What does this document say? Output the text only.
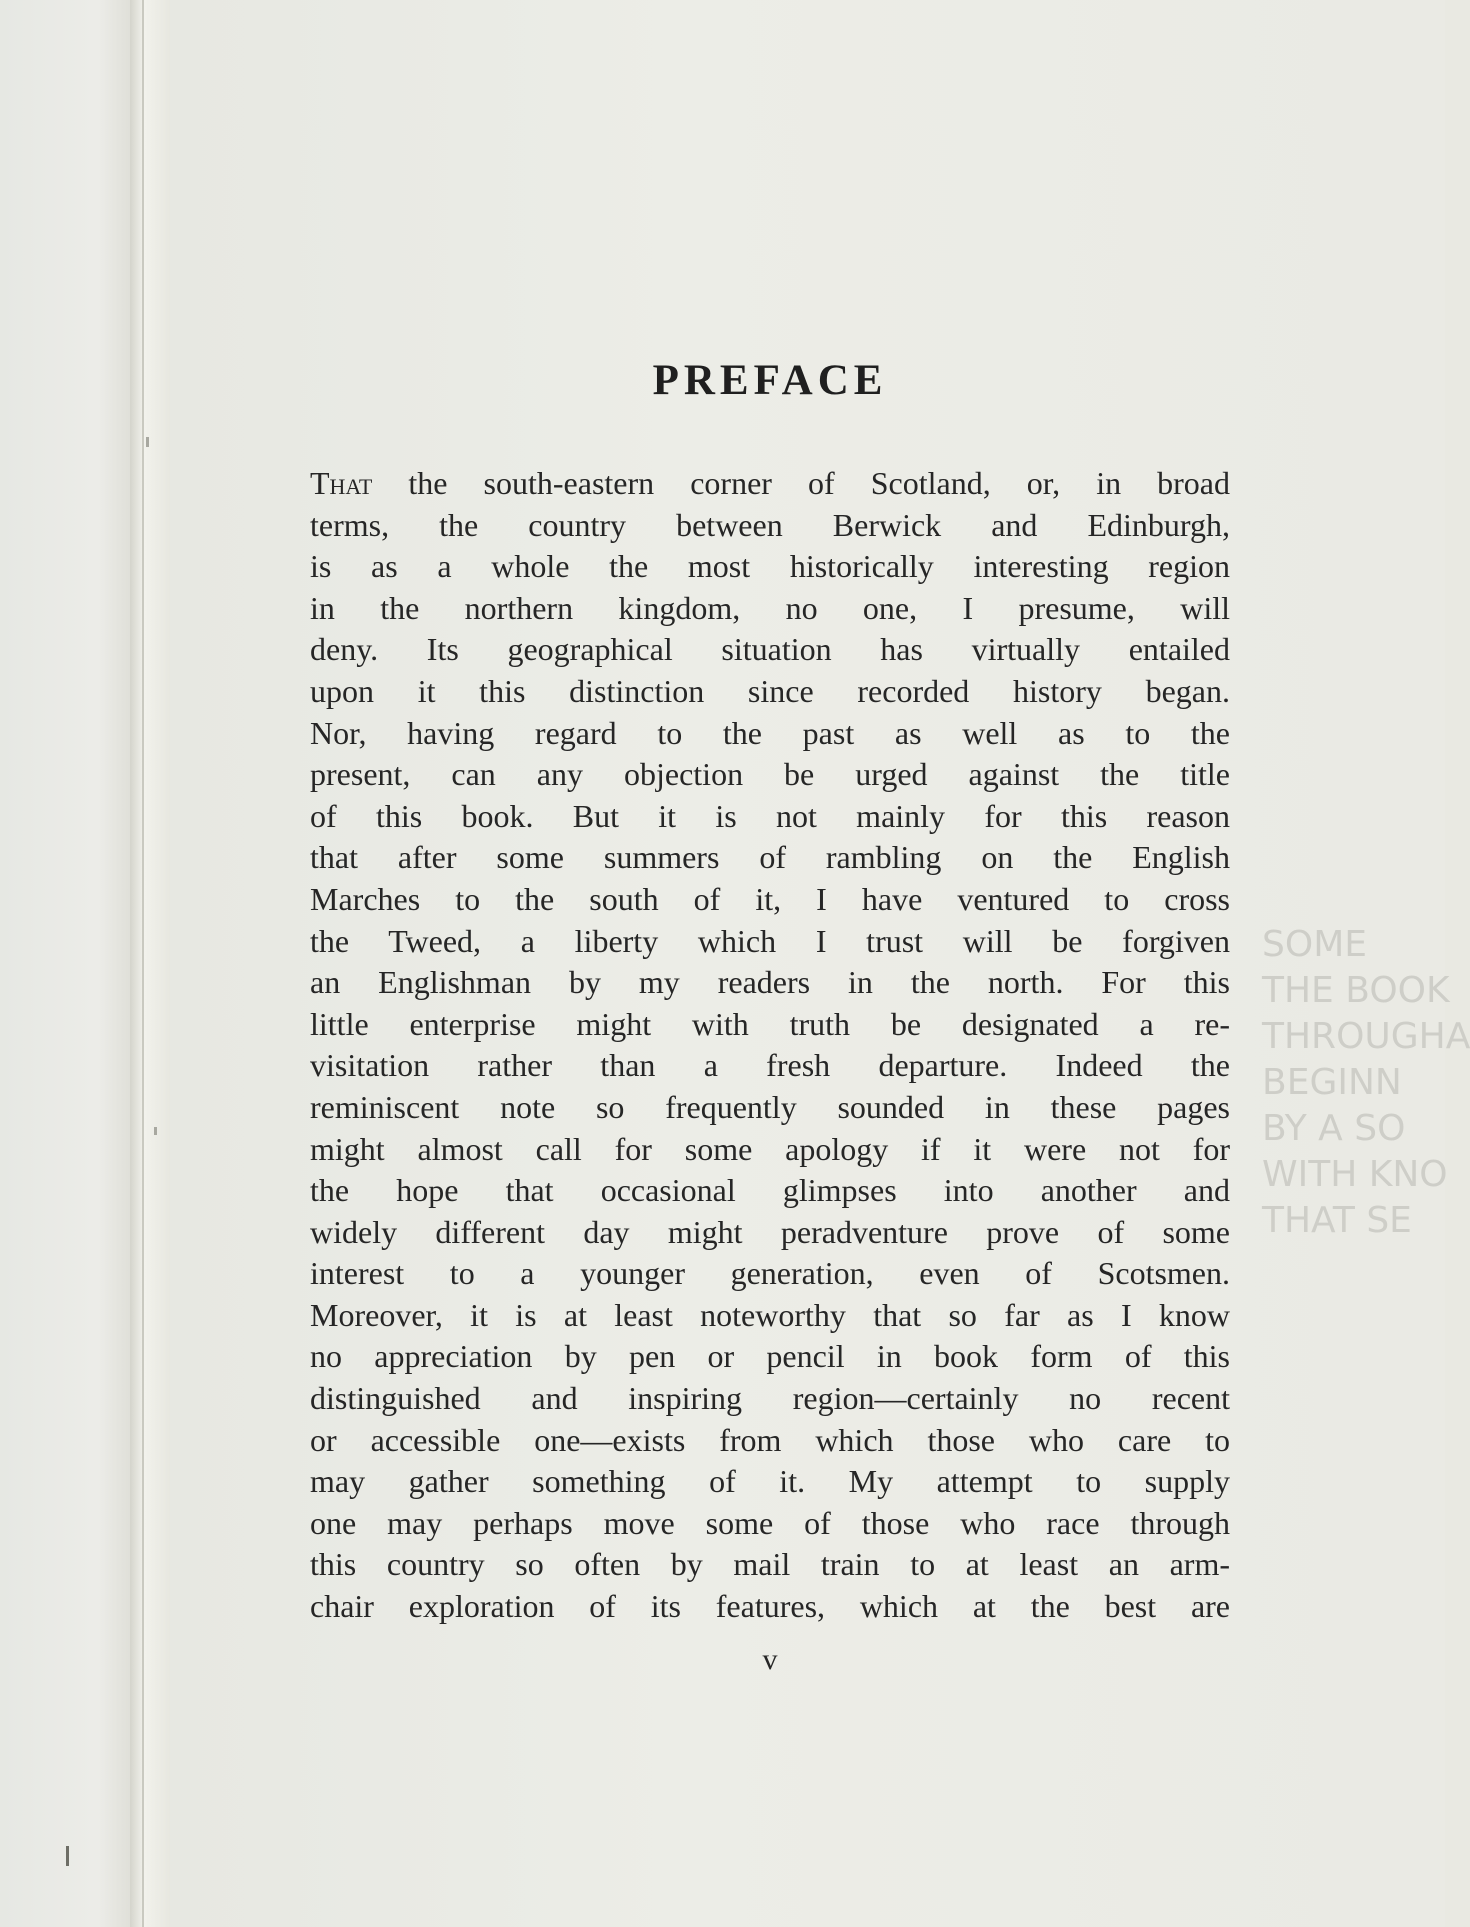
PREFACE
That the south-eastern corner of Scotland, or, in broad
terms, the country between Berwick and Edinburgh,
is as a whole the most historically interesting region
in the northern kingdom, no one, I presume, will
deny. Its geographical situation has virtually entailed
upon it this distinction since recorded history began.
Nor, having regard to the past as well as to the
present, can any objection be urged against the title
of this book. But it is not mainly for this reason
that after some summers of rambling on the English
Marches to the south of it, I have ventured to cross
the Tweed, a liberty which I trust will be forgiven
an Englishman by my readers in the north. For this
little enterprise might with truth be designated a re-
visitation rather than a fresh departure. Indeed the
reminiscent note so frequently sounded in these pages
might almost call for some apology if it were not for
the hope that occasional glimpses into another and
widely different day might peradventure prove of some
interest to a younger generation, even of Scotsmen.
Moreover, it is at least noteworthy that so far as I know
no appreciation by pen or pencil in book form of this
distinguished and inspiring region—certainly no recent
or accessible one—exists from which those who care to
may gather something of it. My attempt to supply
one may perhaps move some of those who race through
this country so often by mail train to at least an arm-
chair exploration of its features, which at the best are
v
SOME
THE BOOK
THROUGHA
BEGINN
BY A SO
WITH KNO
THAT SE
